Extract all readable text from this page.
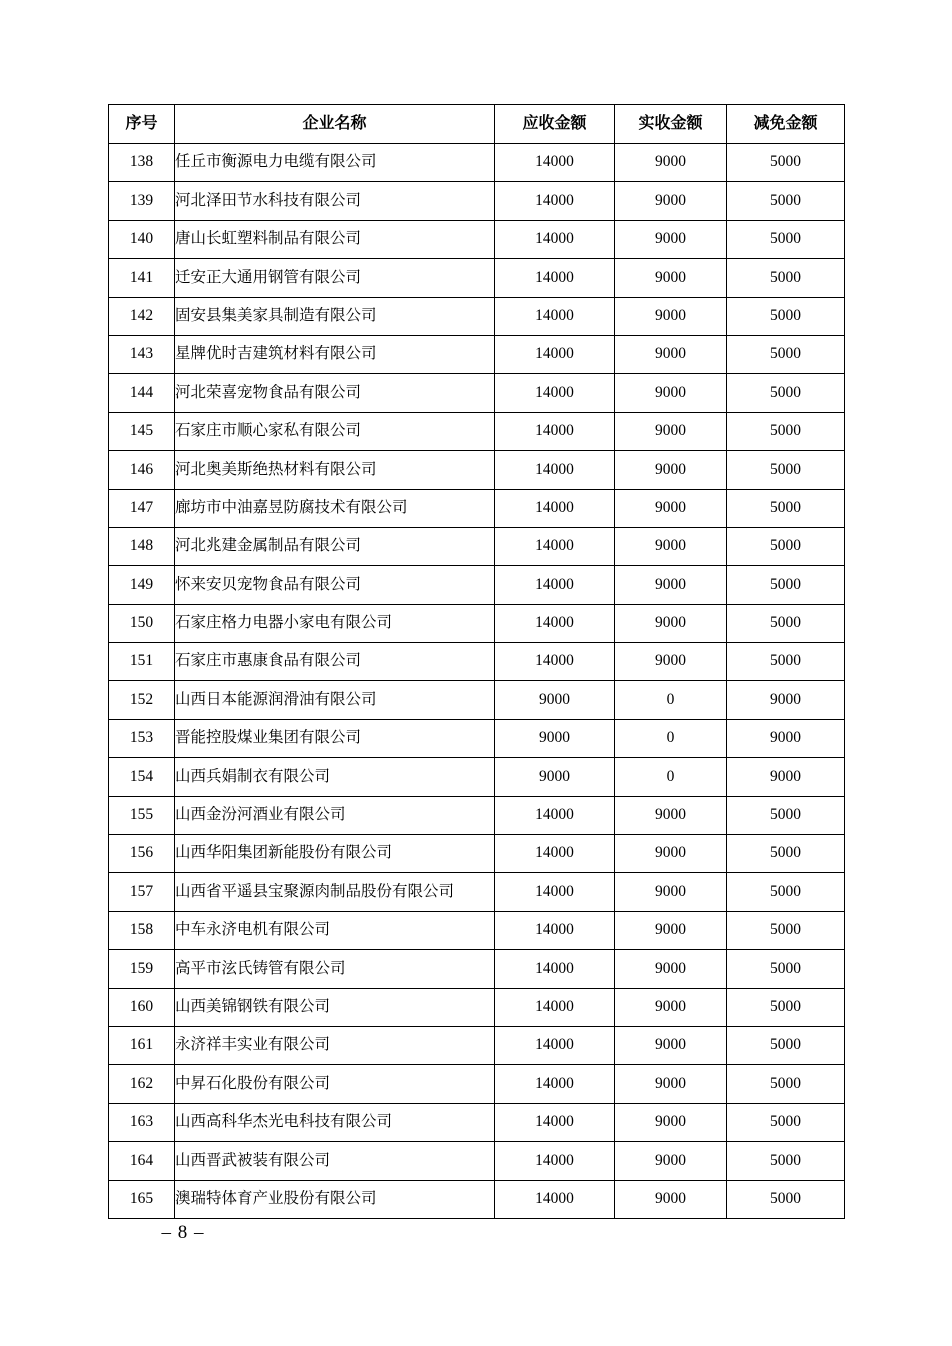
序号	企业名称	应收金额	实收金额	减免金额
138	任丘市衡源电力电缆有限公司	14000	9000	5000
139	河北泽田节水科技有限公司	14000	9000	5000
140	唐山长虹塑料制品有限公司	14000	9000	5000
141	迁安正大通用钢管有限公司	14000	9000	5000
142	固安县集美家具制造有限公司	14000	9000	5000
143	星牌优时吉建筑材料有限公司	14000	9000	5000
144	河北荣喜宠物食品有限公司	14000	9000	5000
145	石家庄市顺心家私有限公司	14000	9000	5000
146	河北奥美斯绝热材料有限公司	14000	9000	5000
147	廊坊市中油嘉昱防腐技术有限公司	14000	9000	5000
148	河北兆建金属制品有限公司	14000	9000	5000
149	怀来安贝宠物食品有限公司	14000	9000	5000
150	石家庄格力电器小家电有限公司	14000	9000	5000
151	石家庄市惠康食品有限公司	14000	9000	5000
152	山西日本能源润滑油有限公司	9000	0	9000
153	晋能控股煤业集团有限公司	9000	0	9000
154	山西兵娟制衣有限公司	9000	0	9000
155	山西金汾河酒业有限公司	14000	9000	5000
156	山西华阳集团新能股份有限公司	14000	9000	5000
157	山西省平遥县宝聚源肉制品股份有限公司	14000	9000	5000
158	中车永济电机有限公司	14000	9000	5000
159	高平市泫氏铸管有限公司	14000	9000	5000
160	山西美锦钢铁有限公司	14000	9000	5000
161	永济祥丰实业有限公司	14000	9000	5000
162	中昇石化股份有限公司	14000	9000	5000
163	山西高科华杰光电科技有限公司	14000	9000	5000
164	山西晋武被装有限公司	14000	9000	5000
165	澳瑞特体育产业股份有限公司	14000	9000	5000
– 8 –
